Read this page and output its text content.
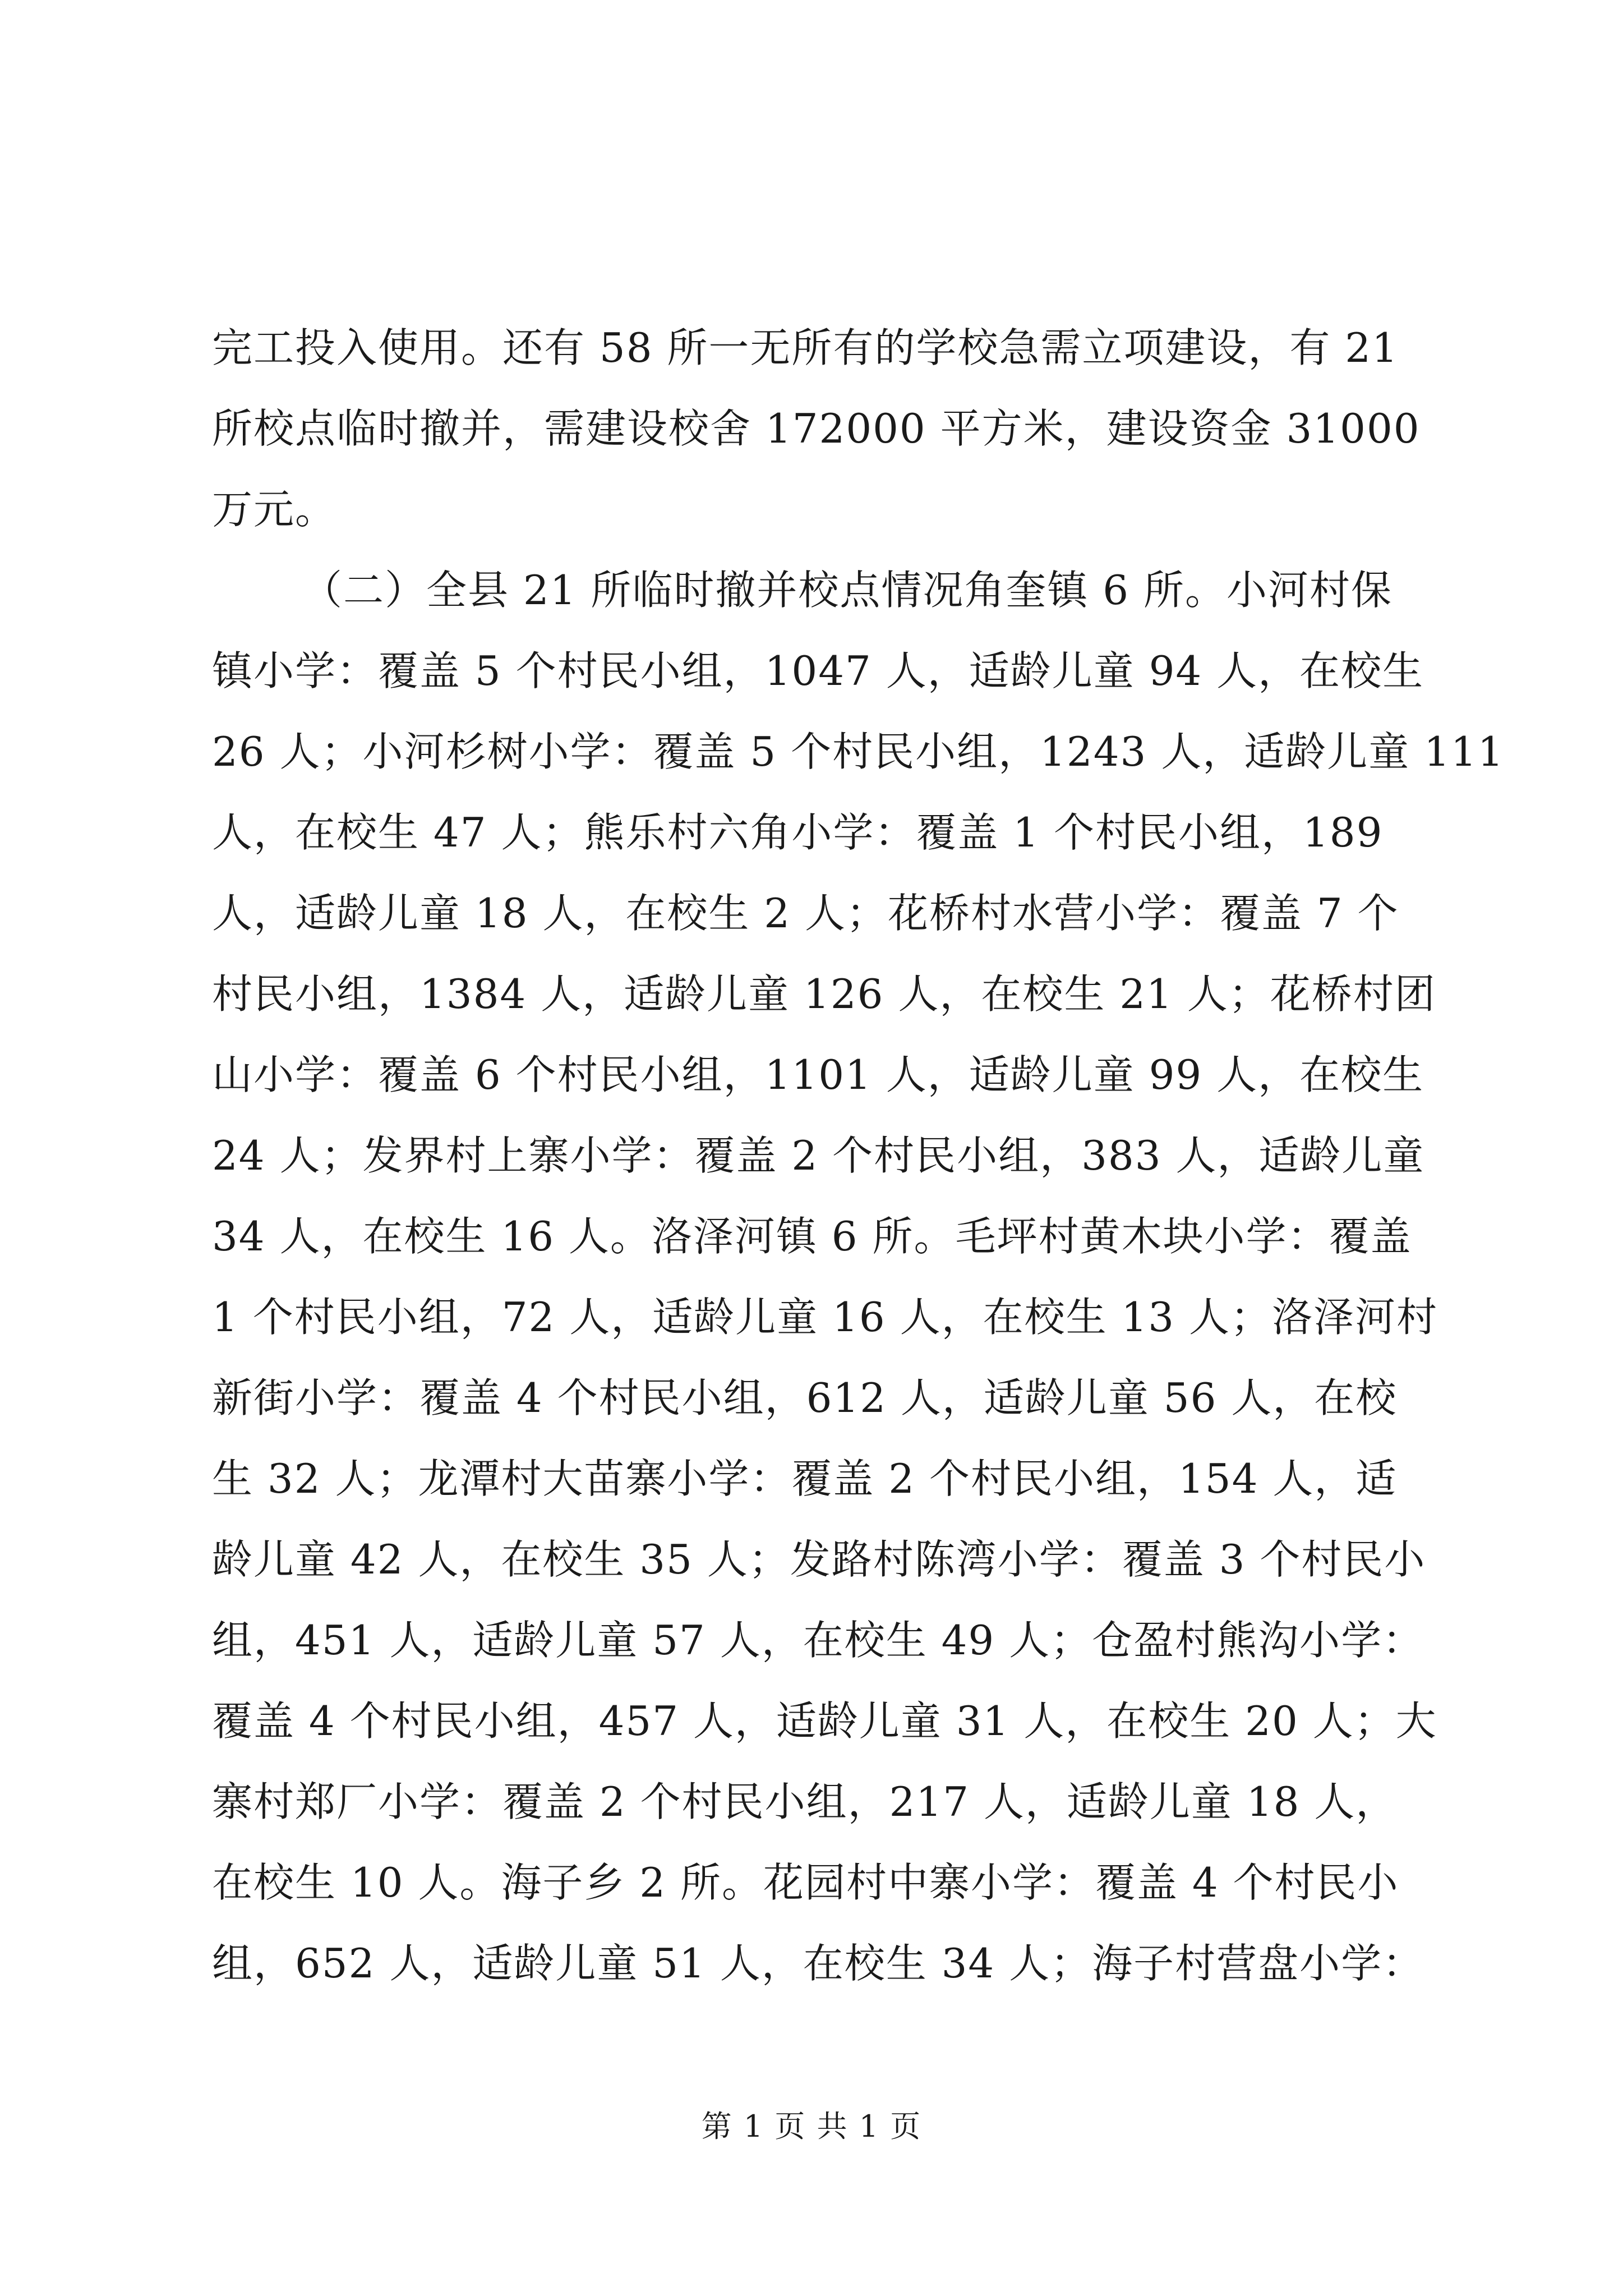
完工投入使用。还有 58 所一无所有的学校急需立项建设，有 21
所校点临时撤并，需建设校舍 172000 平方米，建设资金 31000
万元。
（二）全县 21 所临时撤并校点情况角奎镇 6 所。小河村保
镇小学：覆盖 5 个村民小组，1047 人，适龄儿童 94 人，在校生
26 人；小河杉树小学：覆盖 5 个村民小组，1243 人，适龄儿童 111
人，在校生 47 人；熊乐村六角小学：覆盖 1 个村民小组，189
人，适龄儿童 18 人，在校生 2 人；花桥村水营小学：覆盖 7 个
村民小组，1384 人，适龄儿童 126 人，在校生 21 人；花桥村团
山小学：覆盖 6 个村民小组，1101 人，适龄儿童 99 人，在校生
24 人；发界村上寨小学：覆盖 2 个村民小组，383 人，适龄儿童
34 人，在校生 16 人。洛泽河镇 6 所。毛坪村黄木块小学：覆盖
1 个村民小组，72 人，适龄儿童 16 人，在校生 13 人；洛泽河村
新街小学：覆盖 4 个村民小组，612 人，适龄儿童 56 人，在校
生 32 人；龙潭村大苗寨小学：覆盖 2 个村民小组，154 人，适
龄儿童 42 人，在校生 35 人；发路村陈湾小学：覆盖 3 个村民小
组，451 人，适龄儿童 57 人，在校生 49 人；仓盈村熊沟小学：
覆盖 4 个村民小组，457 人，适龄儿童 31 人，在校生 20 人；大
寨村郑厂小学：覆盖 2 个村民小组，217 人，适龄儿童 18 人，
在校生 10 人。海子乡 2 所。花园村中寨小学：覆盖 4 个村民小
组，652 人，适龄儿童 51 人，在校生 34 人；海子村营盘小学：
第 1 页 共 1 页
